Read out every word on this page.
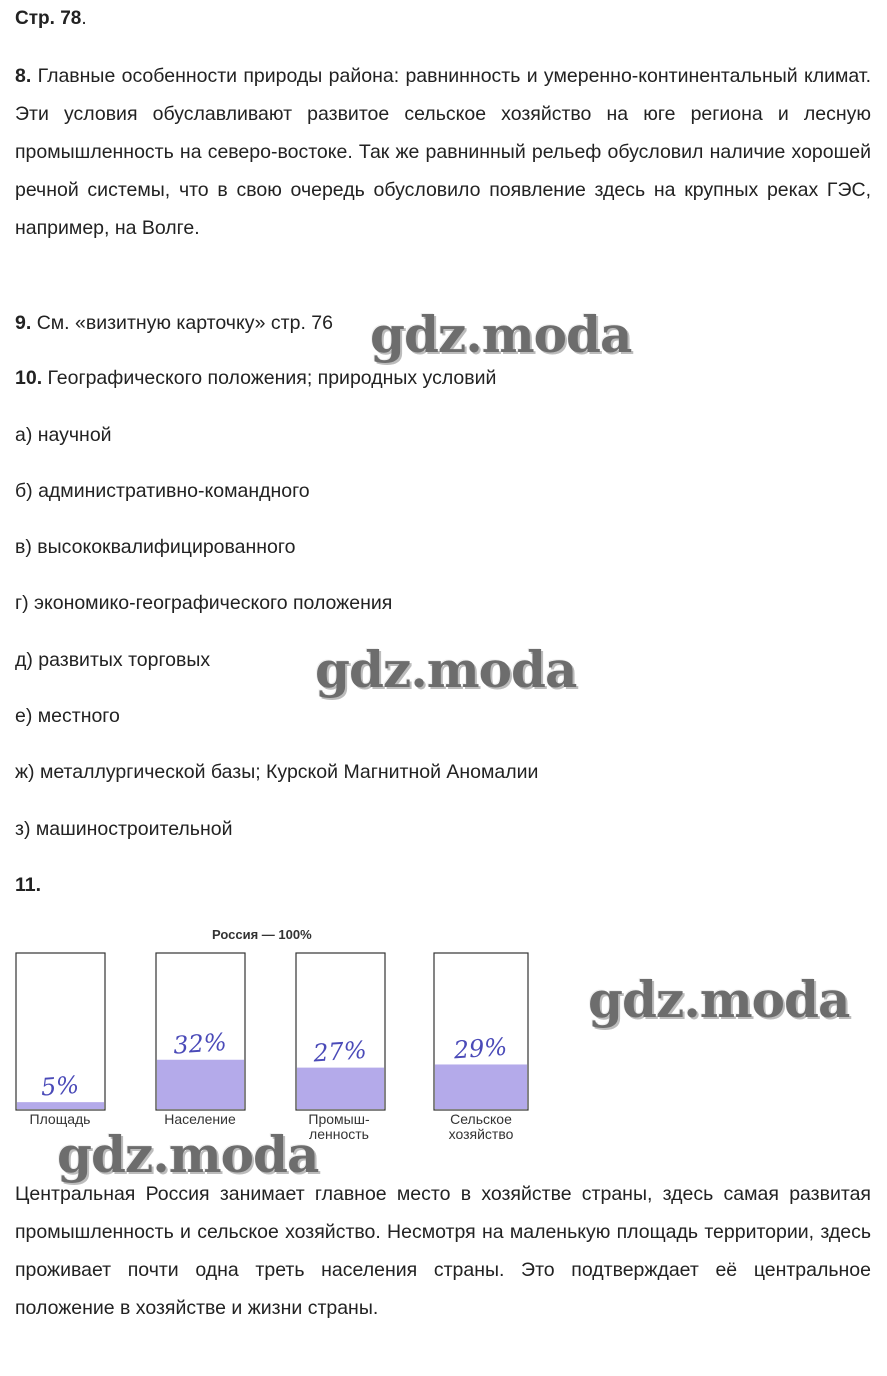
Стр. 78.

8. Главные особенности природы района: равнинность и умеренно-континентальный климат. Эти условия обуславливают развитое сельское хозяйство на юге региона и лесную промышленность на северо-востоке. Так же равнинный рельеф обусловил наличие хорошей речной системы, что в свою очередь обусловило появление здесь на крупных реках ГЭС, например, на Волге.

9. См. «визитную карточку» стр. 76
10. Географического положения; природных условий
а) научной
б) административно-командного
в) высококвалифицированного
г) экономико-географического положения
д) развитых торговых
е) местного
ж) металлургической базы; Курской Магнитной Аномалии
з) машиностроительной
11.
Россия — 100%
5%
32%	27%	29%
Площадь	Население	Промыш-
ленность
Сельское
хозяйство

Центральная Россия занимает главное место в хозяйстве страны, здесь самая развитая промышленность и сельское хозяйство. Несмотря на маленькую площадь территории, здесь проживает почти одна треть населения страны. Это подтверждает её центральное положение в хозяйстве и жизни страны.

gdz.moda
gdz.moda
gdz.moda
gdz.moda
